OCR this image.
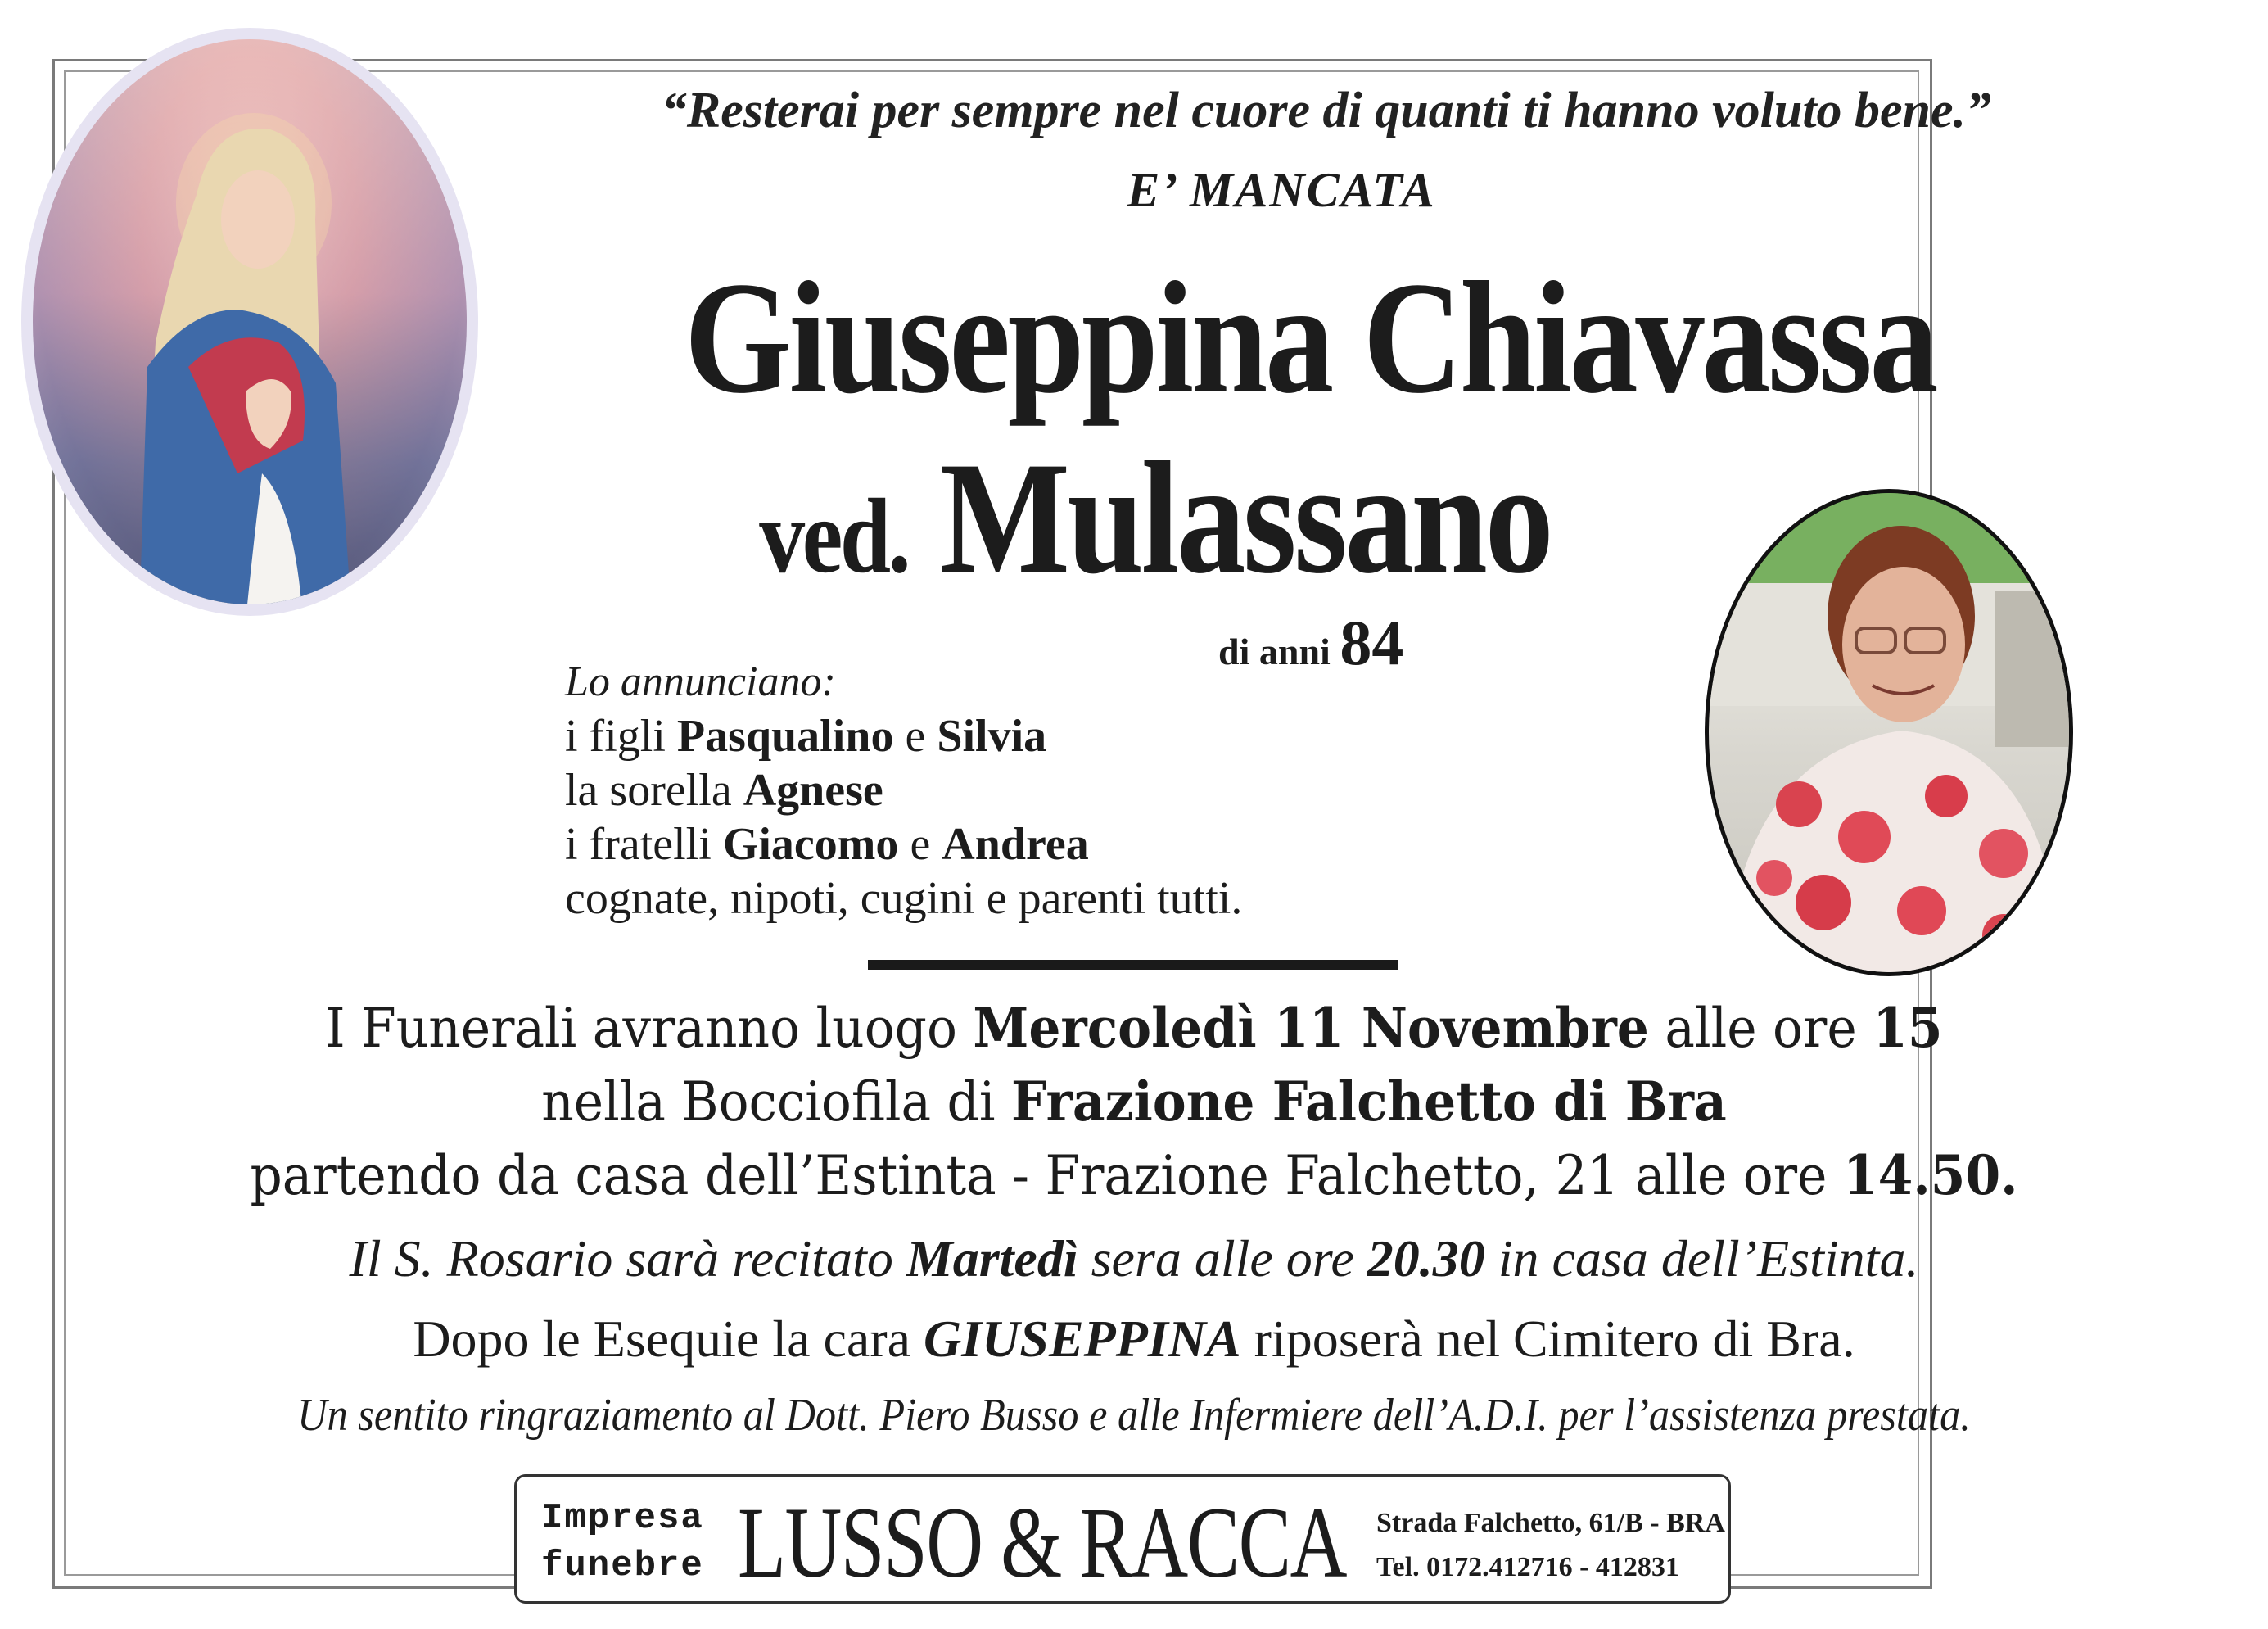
“Resterai per sempre nel cuore di quanti ti hanno voluto bene.”
E’ MANCATA
Giuseppina Chiavassa
ved. Mulassano
di anni 84
Lo annunciano:
i figli Pasqualino e Silvia
la sorella Agnese
i fratelli Giacomo e Andrea
cognate, nipoti, cugini e parenti tutti.
I Funerali avranno luogo Mercoledì 11 Novembre alle ore 15
nella Bocciofila di Frazione Falchetto di Bra
partendo da casa dell’Estinta - Frazione Falchetto, 21 alle ore 14.50.
Il S. Rosario sarà recitato Martedì sera alle ore 20.30 in casa dell’Estinta.
Dopo le Esequie la cara GIUSEPPINA riposerà nel Cimitero di Bra.
Un sentito ringraziamento al Dott. Piero Busso e alle Infermiere dell’A.D.I. per l’assistenza prestata.
Impresa
funebre LUSSO & RACCA Strada Falchetto, 61/B - BRA
Tel. 0172.412716 - 412831
